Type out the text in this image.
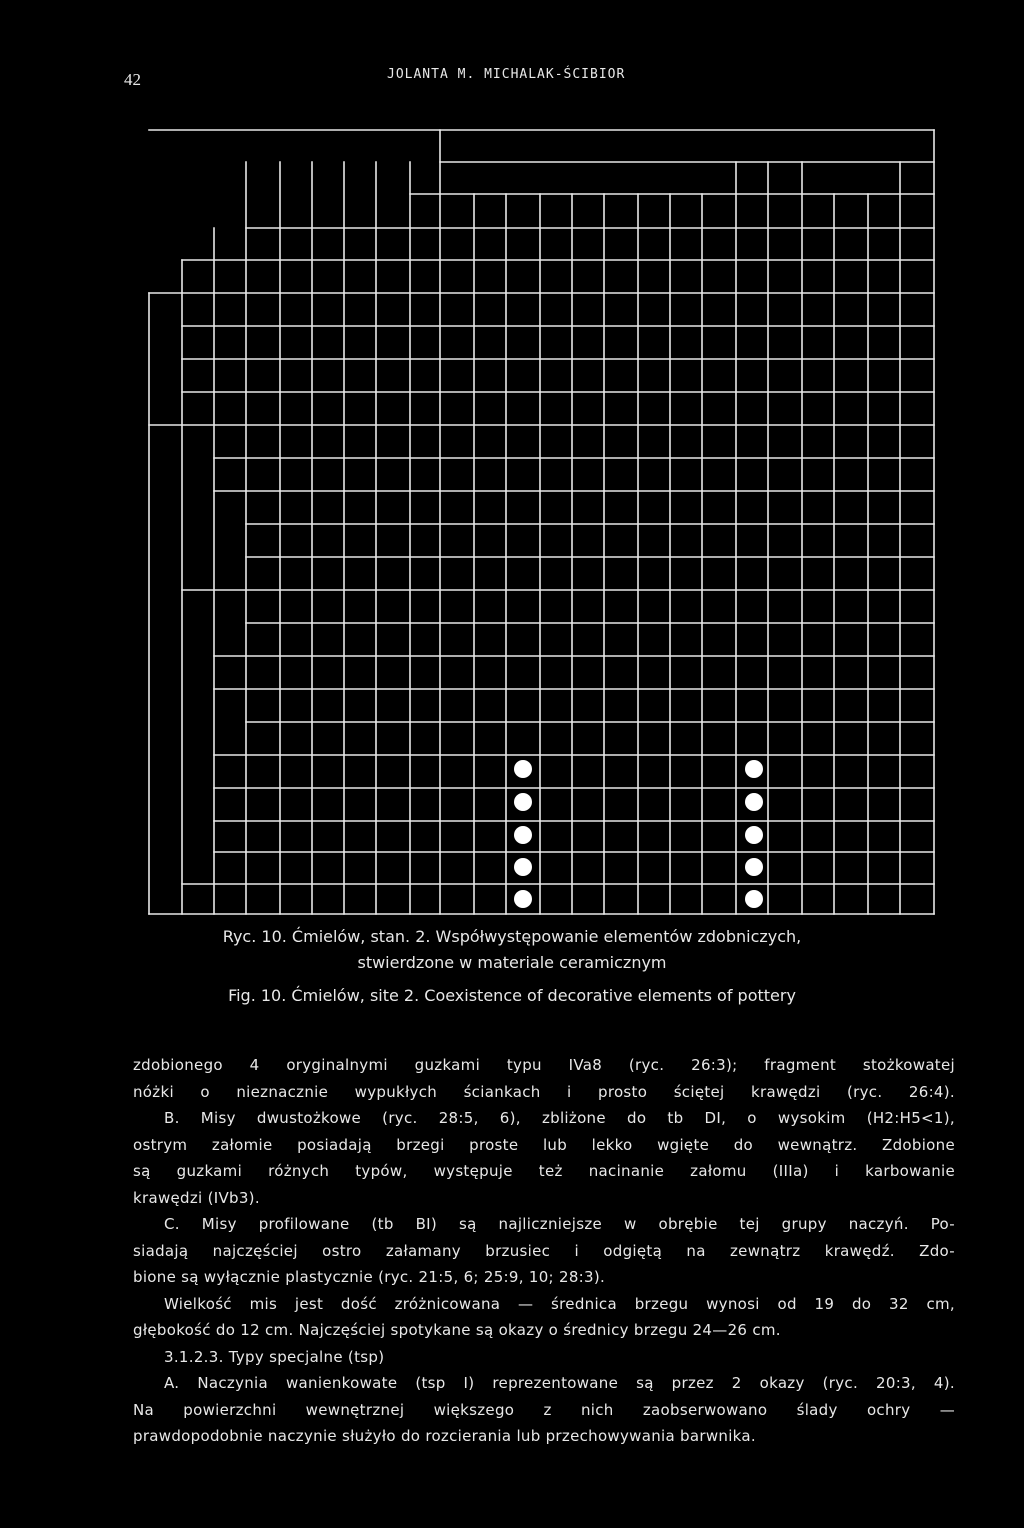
42	JOLANTA M. MICHALAK-ŚCIBIOR
Ryc. 10. Ćmielów, stan. 2. Współwystępowanie elementów zdobniczych,
stwierdzone w materiale ceramicznym
Fig. 10. Ćmielów, site 2. Coexistence of decorative elements of pottery

zdobionego 4 oryginalnymi guzkami typu IVa8 (ryc. 26:3); fragment stożkowatej

nóżki o nieznacznie wypukłych ściankach i prosto ściętej krawędzi (ryc. 26:4).

B. Misy dwustożkowe (ryc. 28:5, 6), zbliżone do tb DI, o wysokim (H2:H5<1),

ostrym załomie posiadają brzegi proste lub lekko wgięte do wewnątrz. Zdobione

są guzkami różnych typów, występuje też nacinanie załomu (IIIa) i karbowanie

krawędzi (IVb3).

C. Misy profilowane (tb BI) są najliczniejsze w obrębie tej grupy naczyń. Po-

siadają najczęściej ostro załamany brzusiec i odgiętą na zewnątrz krawędź. Zdo-

bione są wyłącznie plastycznie (ryc. 21:5, 6; 25:9, 10; 28:3).

Wielkość mis jest dość zróżnicowana — średnica brzegu wynosi od 19 do 32 cm,

głębokość do 12 cm. Najczęściej spotykane są okazy o średnicy brzegu 24—26 cm.

3.1.2.3. Typy specjalne (tsp)

A. Naczynia wanienkowate (tsp I) reprezentowane są przez 2 okazy (ryc. 20:3, 4).

Na powierzchni wewnętrznej większego z nich zaobserwowano ślady ochry —

prawdopodobnie naczynie służyło do rozcierania lub przechowywania barwnika.
